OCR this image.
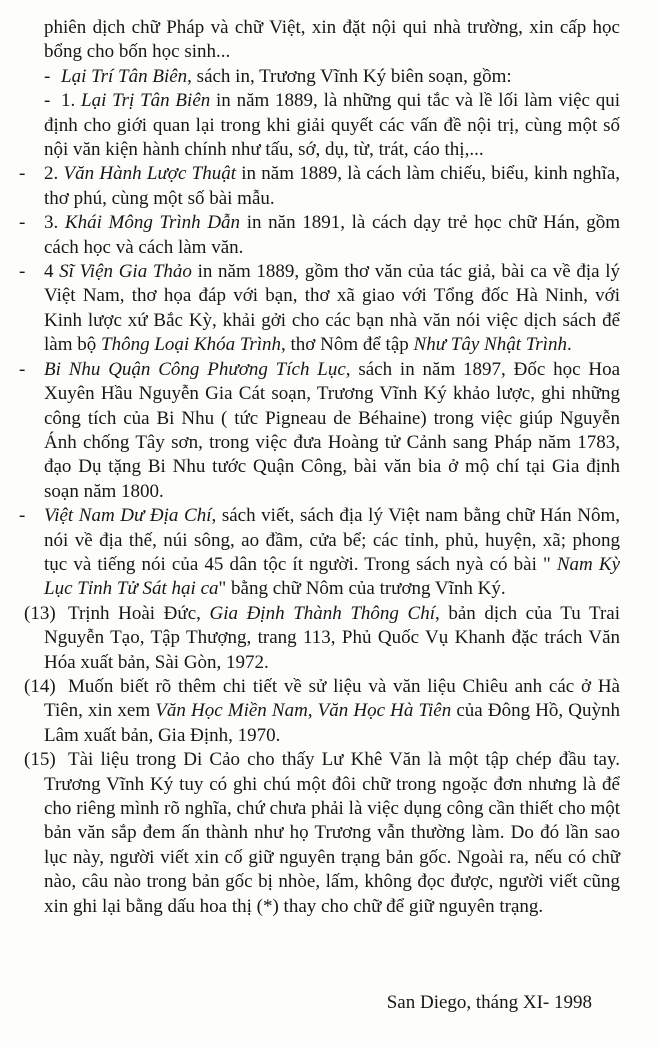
phiên dịch chữ Pháp và chữ Việt, xin đặt nội qui nhà trường, xin cấp học bổng cho bốn học sinh...

- Lại Trí Tân Biên, sách in, Trương Vĩnh Ký biên soạn, gồm:

- 1. Lại Trị Tân Biên in năm 1889, là những qui tắc và lề lối làm việc qui định cho giới quan lại trong khi giải quyết các vấn đề nội trị, cùng một số nội văn kiện hành chính như tấu, sớ, dụ, từ, trát, cáo thị,...

- 2. Văn Hành Lược Thuật in năm 1889, là cách làm chiếu, biểu, kinh nghĩa, thơ phú, cùng một số bài mẫu.

- 3. Khái Mông Trình Dẫn in năn 1891, là cách dạy trẻ học chữ Hán, gồm cách học và cách làm văn.

- 4 Sĩ Viện Gia Thảo in năm 1889, gồm thơ văn của tác giả, bài ca về địa lý Việt Nam, thơ họa đáp với bạn, thơ xã giao với Tổng đốc Hà Ninh, với Kinh lược xứ Bắc Kỳ, khải gởi cho các bạn nhà văn nói việc dịch sách để làm bộ Thông Loại Khóa Trình, thơ Nôm để tập Như Tây Nhật Trình.

- Bi Nhu Quận Công Phương Tích Lục, sách in năm 1897, Đốc học Hoa Xuyên Hầu Nguyễn Gia Cát soạn, Trương Vĩnh Ký khảo lược, ghi những công tích của Bi Nhu ( tức Pigneau de Béhaine) trong việc giúp Nguyễn Ánh chống Tây sơn, trong việc đưa Hoàng tử Cảnh sang Pháp năm 1783, đạo Dụ tặng Bi Nhu tước Quận Công, bài văn bia ở mộ chí tại Gia định soạn năm 1800.

- Việt Nam Dư Địa Chí, sách viết, sách địa lý Việt nam bằng chữ Hán Nôm, nói về địa thế, núi sông, ao đầm, cửa bể; các tỉnh, phủ, huyện, xã; phong tục và tiếng nói của 45 dân tộc ít người. Trong sách nyà có bài " Nam Kỳ Lục Tỉnh Tử Sát hại ca" bằng chữ Nôm của trương Vĩnh Ký.

(13) Trịnh Hoài Đức, Gia Định Thành Thông Chí, bản dịch của Tu Trai Nguyễn Tạo, Tập Thượng, trang 113, Phủ Quốc Vụ Khanh đặc trách Văn Hóa xuất bản, Sài Gòn, 1972.

(14) Muốn biết rõ thêm chi tiết về sử liệu và văn liệu Chiêu anh các ở Hà Tiên, xin xem Văn Học Miền Nam, Văn Học Hà Tiên của Đông Hồ, Quỳnh Lâm xuất bản, Gia Định, 1970.

(15) Tài liệu trong Di Cảo cho thấy Lư Khê Văn là một tập chép đầu tay. Trương Vĩnh Ký tuy có ghi chú một đôi chữ trong ngoặc đơn nhưng là để cho riêng mình rõ nghĩa, chứ chưa phải là việc dụng công cần thiết cho một bản văn sắp đem ấn thành như họ Trương vẫn thường làm. Do đó lần sao lục này, người viết xin cố giữ nguyên trạng bản gốc. Ngoài ra, nếu có chữ nào, câu nào trong bản gốc bị nhòe, lấm, không đọc được, người viết cũng xin ghi lại bằng dấu hoa thị (*) thay cho chữ để giữ nguyên trạng.

San Diego, tháng XI- 1998
